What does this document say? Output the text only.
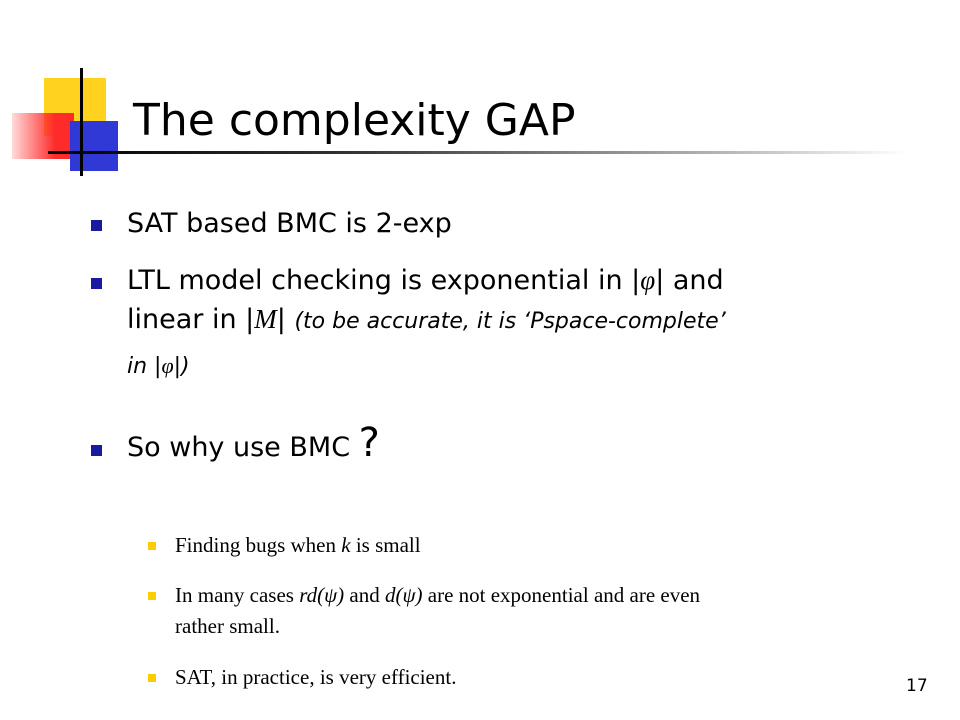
The complexity GAP
SAT based BMC is 2-exp
LTL model checking is exponential in |φ| and
linear in |M| (to be accurate, it is ‘Pspace-complete’
in |φ|)
So why use BMC ?
Finding bugs when k is small
In many cases rd(ψ) and d(ψ) are not exponential and are even
rather small.
SAT, in practice, is very efficient.	17
